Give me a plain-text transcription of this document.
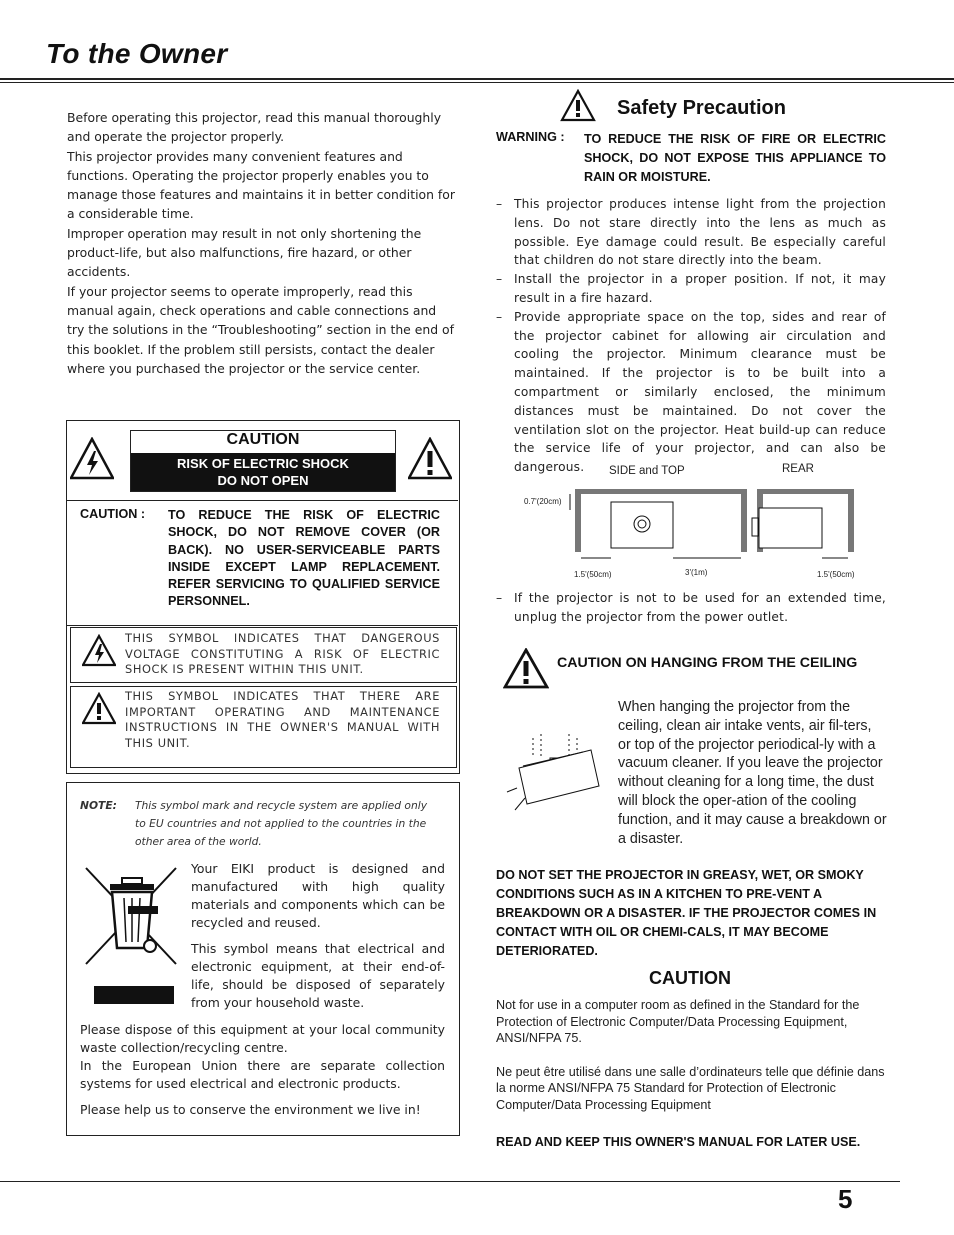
To the Owner

Before operating this projector, read this manual thoroughly and operate the projector properly.

This projector provides many convenient features and functions. Operating the projector properly enables you to manage those features and maintains it in better condition for a considerable time.

Improper operation may result in not only shortening the product-life, but also malfunctions, fire hazard, or other accidents.

If your projector seems to operate improperly, read this manual again, check operations and cable connections and try the solutions in the “Troubleshooting” section in the end of this booklet. If the problem still persists, contact the dealer where you purchased the projector or the service center.

CAUTION
RISK OF ELECTRIC SHOCK
DO NOT OPEN
CAUTION : TO REDUCE THE RISK OF ELECTRIC SHOCK, DO NOT REMOVE COVER (OR BACK). NO USER-SERVICEABLE PARTS INSIDE EXCEPT LAMP REPLACEMENT. REFER SERVICING TO QUALIFIED SERVICE PERSONNEL.
THIS SYMBOL INDICATES THAT DANGEROUS VOLTAGE CONSTITUTING A RISK OF ELECTRIC SHOCK IS PRESENT WITHIN THIS UNIT.
THIS SYMBOL INDICATES THAT THERE ARE IMPORTANT OPERATING AND MAINTENANCE INSTRUCTIONS IN THE OWNER'S MANUAL WITH THIS UNIT.
NOTE:	This symbol mark and recycle system are applied only to EU countries and not applied to the countries in the other area of the world.
Your EIKI product is designed and manufactured with high quality materials and components which can be recycled and reused.
This symbol means that electrical and electronic equipment, at their end-of-life, should be disposed of separately from your household waste.
Please dispose of this equipment at your local community waste collection/recycling centre.
In the European Union there are separate collection systems for used electrical and electronic products.
Please help us to conserve the environment we live in!
Safety Precaution
WARNING : TO REDUCE THE RISK OF FIRE OR ELECTRIC SHOCK, DO NOT EXPOSE THIS APPLIANCE TO RAIN OR MOISTURE.
– This projector produces intense light from the projection lens. Do not stare directly into the lens as much as possible. Eye damage could result. Be especially careful that children do not stare directly into the beam.
– Install the projector in a proper position. If not, it may result in a fire hazard.
– Provide appropriate space on the top, sides and rear of the projector cabinet for allowing air circulation and cooling the projector. Minimum clearance must be maintained. If the projector is to be built into a compartment or similarly enclosed, the minimum distances must be maintained. Do not cover the ventilation slot on the projector. Heat build-up can reduce the service life of your projector, and can also be dangerous.	SIDE and TOP	REAR
0.7'(20cm)
1.5'(50cm)	3'(1m)	1.5'(50cm)
– If the projector is not to be used for an extended time, unplug the projector from the power outlet.
CAUTION ON HANGING FROM THE CEILING
When hanging the projector from the ceiling, clean air intake vents, air fil-ters, or top of the projector periodical-ly with a vacuum cleaner. If you leave the projector without cleaning for a long time, the dust will block the oper-ation of the cooling function, and it may cause a breakdown or a disaster.
DO NOT SET THE PROJECTOR IN GREASY, WET, OR SMOKY CONDITIONS SUCH AS IN A KITCHEN TO PRE-VENT A BREAKDOWN OR A DISASTER. IF THE PROJECTOR COMES IN CONTACT WITH OIL OR CHEMI-CALS, IT MAY BECOME DETERIORATED.
CAUTION
Not for use in a computer room as defined in the Standard for the Protection of Electronic Computer/Data Processing Equipment, ANSI/NFPA 75.
Ne peut être utilisé dans une salle d’ordinateurs telle que définie dans la norme ANSI/NFPA 75 Standard for Protection of Electronic Computer/Data Processing Equipment
READ AND KEEP THIS OWNER'S MANUAL FOR LATER USE.
5
